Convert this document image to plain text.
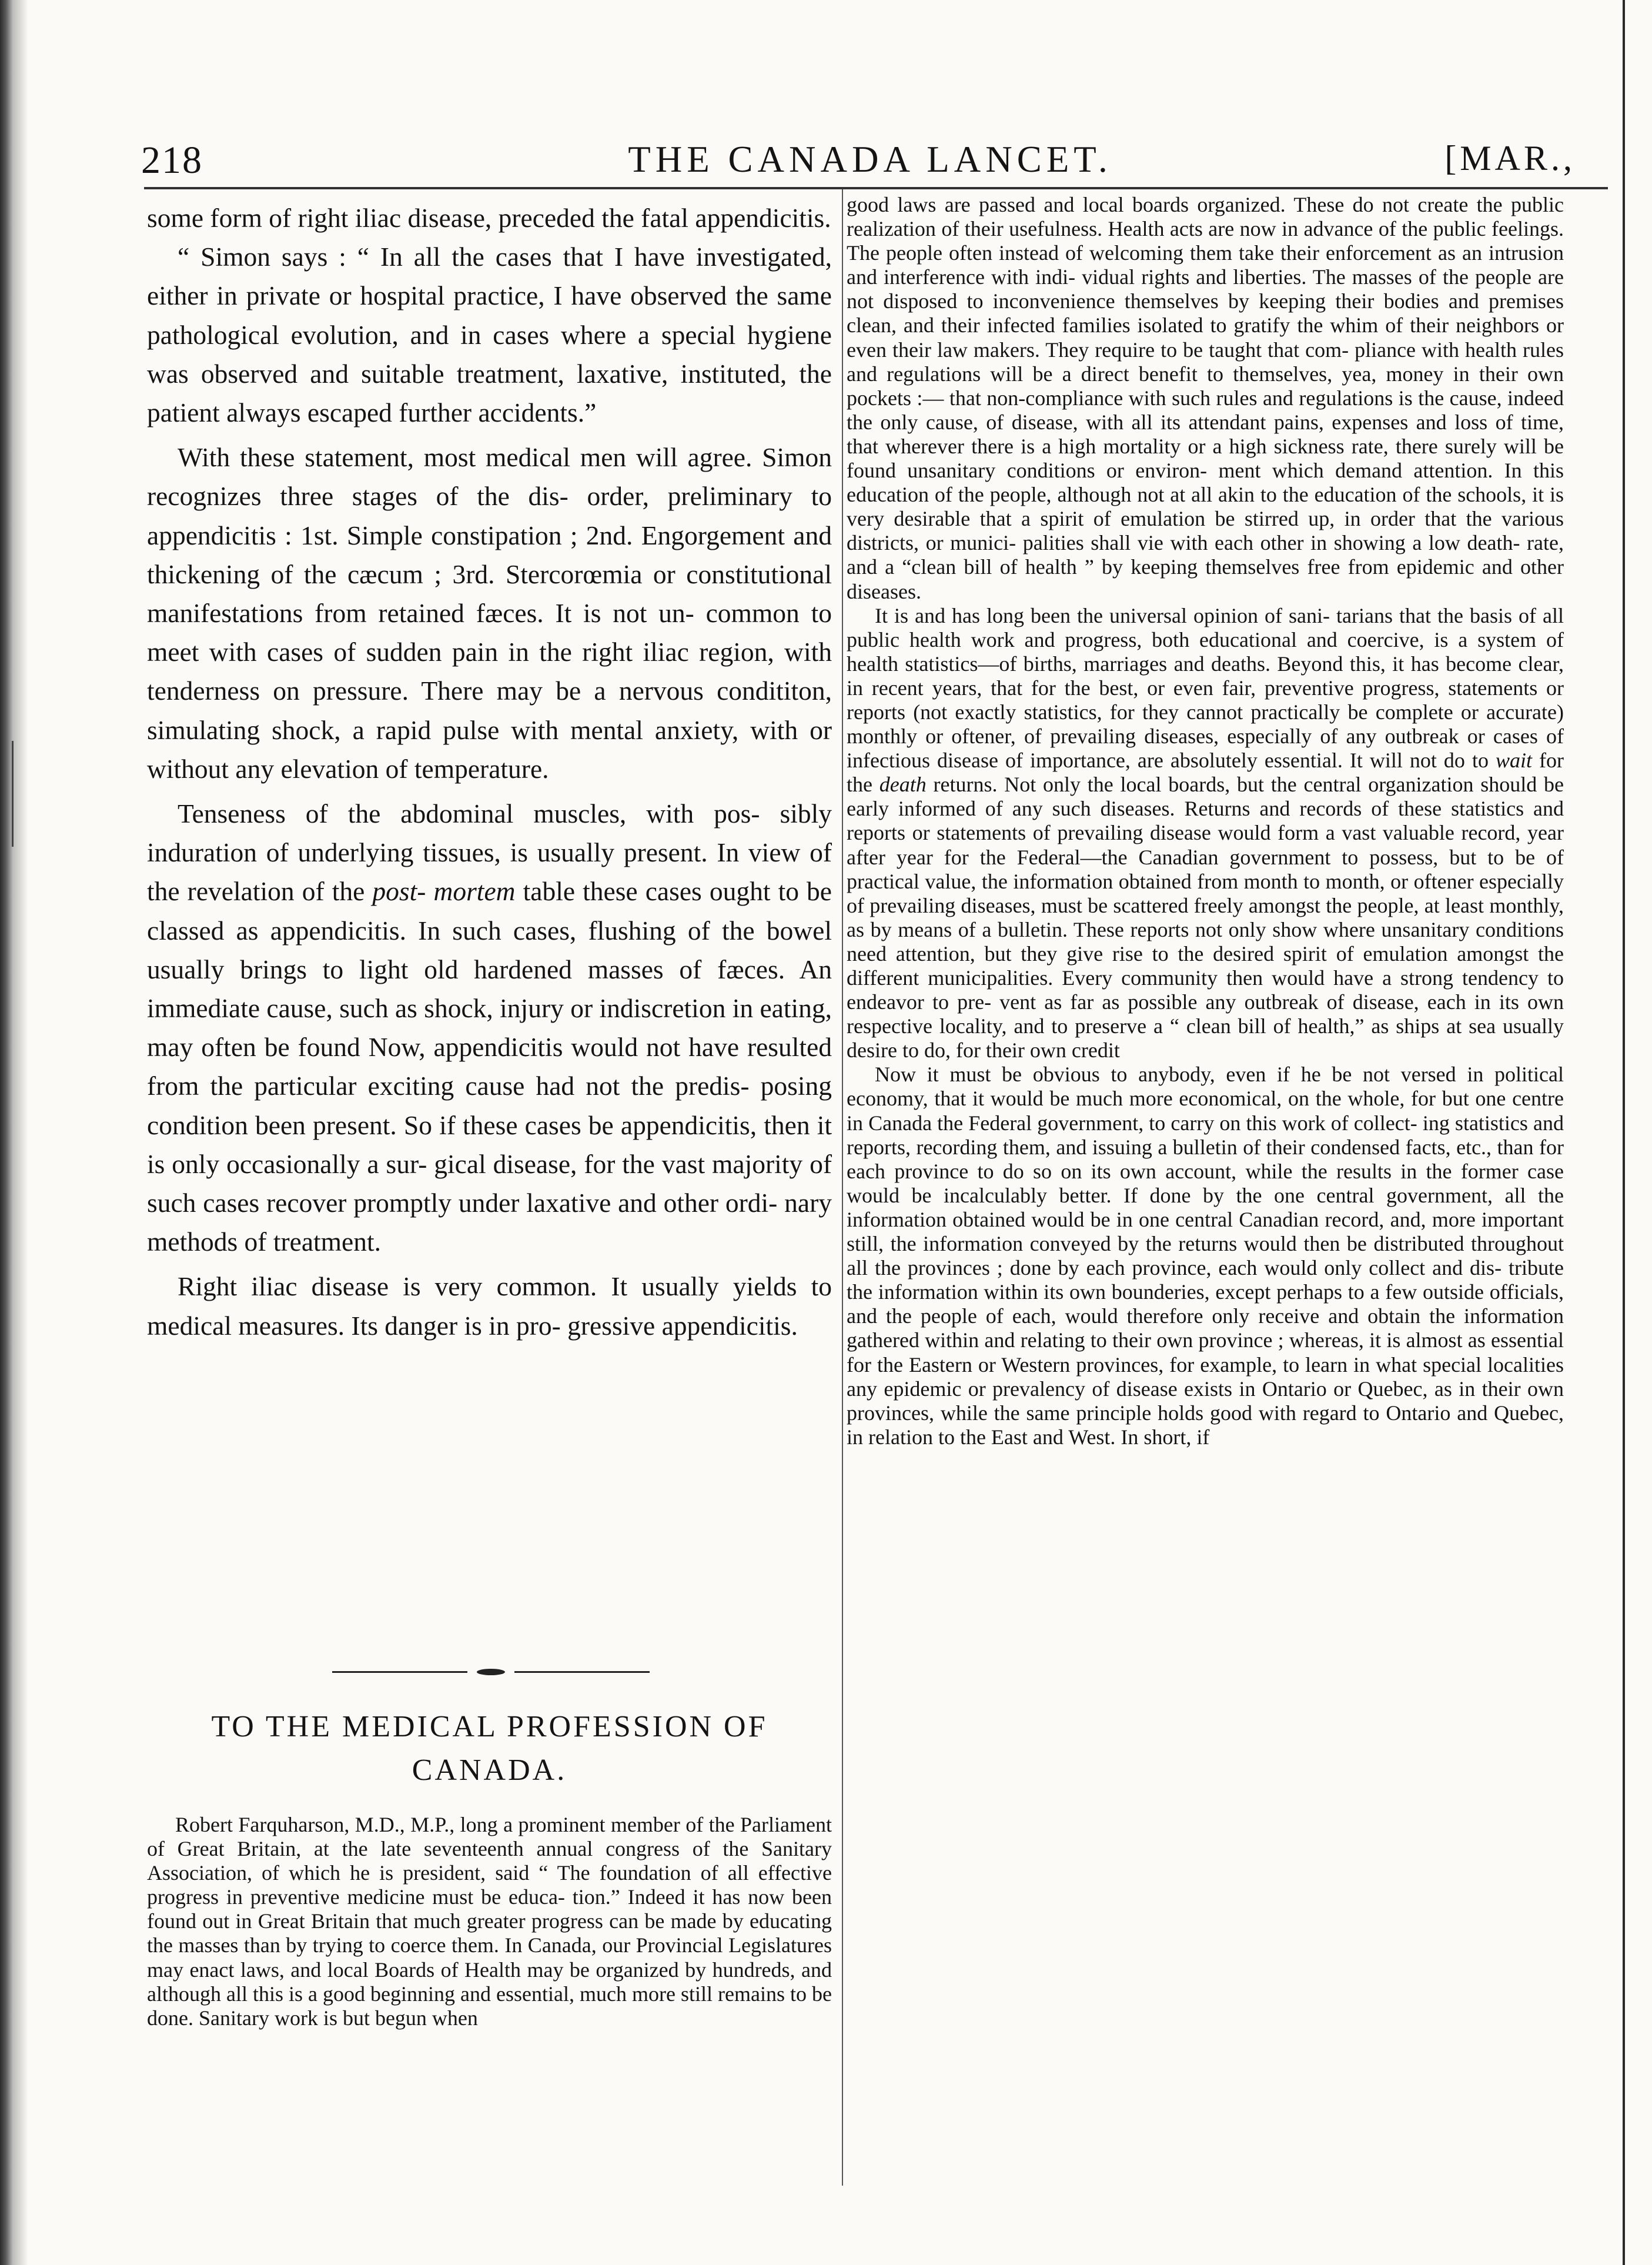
218	THE CANADA LANCET.	[MAR.,

some form of right iliac disease, preceded the fatal appendicitis.

“ Simon says : “ In all the cases that I have investigated, either in private or hospital practice, I have observed the same pathological evolution, and in cases where a special hygiene was observed and suitable treatment, laxative, instituted, the patient always escaped further accidents.”

With these statement, most medical men will agree. Simon recognizes three stages of the dis- order, preliminary to appendicitis : 1st. Simple constipation ; 2nd. Engorgement and thickening of the cæcum ; 3rd. Stercorœmia or constitutional manifestations from retained fæces. It is not un- common to meet with cases of sudden pain in the right iliac region, with tenderness on pressure. There may be a nervous condititon, simulating shock, a rapid pulse with mental anxiety, with or without any elevation of temperature.

Tenseness of the abdominal muscles, with pos- sibly induration of underlying tissues, is usually present. In view of the revelation of the post- mortem table these cases ought to be classed as appendicitis. In such cases, flushing of the bowel usually brings to light old hardened masses of fæces. An immediate cause, such as shock, injury or indiscretion in eating, may often be found Now, appendicitis would not have resulted from the particular exciting cause had not the predis- posing condition been present. So if these cases be appendicitis, then it is only occasionally a sur- gical disease, for the vast majority of such cases recover promptly under laxative and other ordi- nary methods of treatment.

Right iliac disease is very common. It usually yields to medical measures. Its danger is in pro- gressive appendicitis.

TO THE MEDICAL PROFESSION OF CANADA.

Robert Farquharson, M.D., M.P., long a prominent member of the Parliament of Great Britain, at the late seventeenth annual congress of the Sanitary Association, of which he is president, said “ The foundation of all effective progress in preventive medicine must be educa- tion.” Indeed it has now been found out in Great Britain that much greater progress can be made by educating the masses than by trying to coerce them. In Canada, our Provincial Legislatures may enact laws, and local Boards of Health may be organized by hundreds, and although all this is a good beginning and essential, much more still remains to be done. Sanitary work is but begun when

good laws are passed and local boards organized. These do not create the public realization of their usefulness. Health acts are now in advance of the public feelings. The people often instead of welcoming them take their enforcement as an intrusion and interference with indi- vidual rights and liberties. The masses of the people are not disposed to inconvenience themselves by keeping their bodies and premises clean, and their infected families isolated to gratify the whim of their neighbors or even their law makers. They require to be taught that com- pliance with health rules and regulations will be a direct benefit to themselves, yea, money in their own pockets :— that non-compliance with such rules and regulations is the cause, indeed the only cause, of disease, with all its attendant pains, expenses and loss of time, that wherever there is a high mortality or a high sickness rate, there surely will be found unsanitary conditions or environ- ment which demand attention. In this education of the people, although not at all akin to the education of the schools, it is very desirable that a spirit of emulation be stirred up, in order that the various districts, or munici- palities shall vie with each other in showing a low death- rate, and a “clean bill of health ” by keeping themselves free from epidemic and other diseases.

It is and has long been the universal opinion of sani- tarians that the basis of all public health work and progress, both educational and coercive, is a system of health statistics—of births, marriages and deaths. Beyond this, it has become clear, in recent years, that for the best, or even fair, preventive progress, statements or reports (not exactly statistics, for they cannot practically be complete or accurate) monthly or oftener, of prevailing diseases, especially of any outbreak or cases of infectious disease of importance, are absolutely essential. It will not do to wait for the death returns. Not only the local boards, but the central organization should be early informed of any such diseases. Returns and records of these statistics and reports or statements of prevailing disease would form a vast valuable record, year after year for the Federal—the Canadian government to possess, but to be of practical value, the information obtained from month to month, or oftener especially of prevailing diseases, must be scattered freely amongst the people, at least monthly, as by means of a bulletin. These reports not only show where unsanitary conditions need attention, but they give rise to the desired spirit of emulation amongst the different municipalities. Every community then would have a strong tendency to endeavor to pre- vent as far as possible any outbreak of disease, each in its own respective locality, and to preserve a “ clean bill of health,” as ships at sea usually desire to do, for their own credit

Now it must be obvious to anybody, even if he be not versed in political economy, that it would be much more economical, on the whole, for but one centre in Canada the Federal government, to carry on this work of collect- ing statistics and reports, recording them, and issuing a bulletin of their condensed facts, etc., than for each province to do so on its own account, while the results in the former case would be incalculably better. If done by the one central government, all the information obtained would be in one central Canadian record, and, more important still, the information conveyed by the returns would then be distributed throughout all the provinces ; done by each province, each would only collect and dis- tribute the information within its own bounderies, except perhaps to a few outside officials, and the people of each, would therefore only receive and obtain the information gathered within and relating to their own province ; whereas, it is almost as essential for the Eastern or Western provinces, for example, to learn in what special localities any epidemic or prevalency of disease exists in Ontario or Quebec, as in their own provinces, while the same principle holds good with regard to Ontario and Quebec, in relation to the East and West. In short, if
